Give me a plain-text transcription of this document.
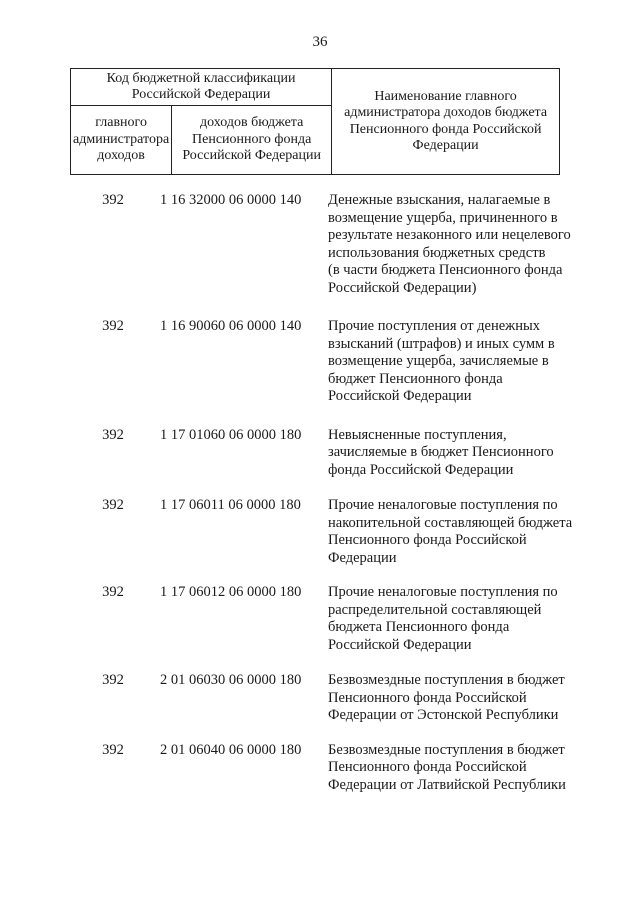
36
Код бюджетной классификации Российской Федерации		Наименование главного администратора доходов бюджета Пенсионного фонда Российской Федерации
главного администратора доходов	доходов бюджета Пенсионного фонда Российской Федерации	
392	1 16 32000 06 0000 140	Денежные взыскания, налагаемые в
возмещение ущерба, причиненного в
результате незаконного или нецелевого
использования бюджетных средств
(в части бюджета Пенсионного фонда
Российской Федерации)
392	1 16 90060 06 0000 140	Прочие поступления от денежных
взысканий (штрафов) и иных сумм в
возмещение ущерба, зачисляемые в
бюджет Пенсионного фонда
Российской Федерации
392	1 17 01060 06 0000 180	Невыясненные поступления,
зачисляемые в бюджет Пенсионного
фонда Российской Федерации
392	1 17 06011 06 0000 180	Прочие неналоговые поступления по
накопительной составляющей бюджета
Пенсионного фонда Российской
Федерации
392	1 17 06012 06 0000 180	Прочие неналоговые поступления по
распределительной составляющей
бюджета Пенсионного фонда
Российской Федерации
392	2 01 06030 06 0000 180	Безвозмездные поступления в бюджет
Пенсионного фонда Российской
Федерации от Эстонской Республики
392	2 01 06040 06 0000 180	Безвозмездные поступления в бюджет
Пенсионного фонда Российской
Федерации от Латвийской Республики
